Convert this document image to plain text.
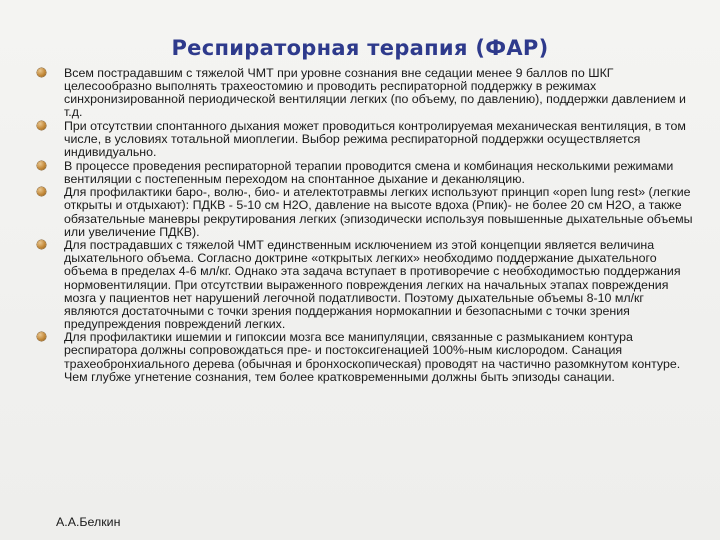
Респираторная терапия (ФАР)
Всем пострадавшим с тяжелой ЧМТ при уровне сознания вне седации менее 9 баллов по ШКГ целесообразно выполнять трахеостомию и проводить респираторной поддержку в режимах синхронизированной периодической вентиляции легких (по объему, по давлению), поддержки давлением и т.д.
При отсутствии спонтанного дыхания может проводиться контролируемая механическая вентиляция, в том числе, в условиях тотальной миоплегии. Выбор режима респираторной поддержки осуществляется индивидуально.
В процессе проведения респираторной терапии проводится смена и комбинация несколькими режимами вентиляции с постепенным переходом на спонтанное дыхание и деканюляцию.
Для профилактики баро-, волю-, био- и ателектотравмы легких используют принцип «open lung rest» (легкие открыты и отдыхают): ПДКВ - 5-10 см Н2О, давление на высоте вдоха (Рпик)- не более 20 см Н2О, а также обязательные маневры рекрутирования легких (эпизодически используя повышенные дыхательные объемы или увеличение ПДКВ).
Для пострадавших с тяжелой ЧМТ единственным исключением из этой концепции является величина дыхательного объема. Согласно доктрине «открытых легких» необходимо поддержание дыхательного объема в пределах 4-6 мл/кг. Однако эта задача вступает в противоречие с необходимостью поддержания нормовентиляции. При отсутствии выраженного повреждения легких на начальных этапах повреждения мозга у пациентов нет нарушений легочной податливости. Поэтому дыхательные объемы 8-10 мл/кг являются достаточными с точки зрения поддержания нормокапнии и безопасными с точки зрения предупреждения повреждений легких.
Для профилактики ишемии и гипоксии мозга все манипуляции, связанные с размыканием контура респиратора должны сопровождаться пре- и постоксигенацией 100%-ным кислородом. Санация трахеобронхиального дерева (обычная и бронхоскопическая) проводят на частично разомкнутом контуре. Чем глубже угнетение сознания, тем более кратковременными должны быть эпизоды санации.
А.А.Белкин
